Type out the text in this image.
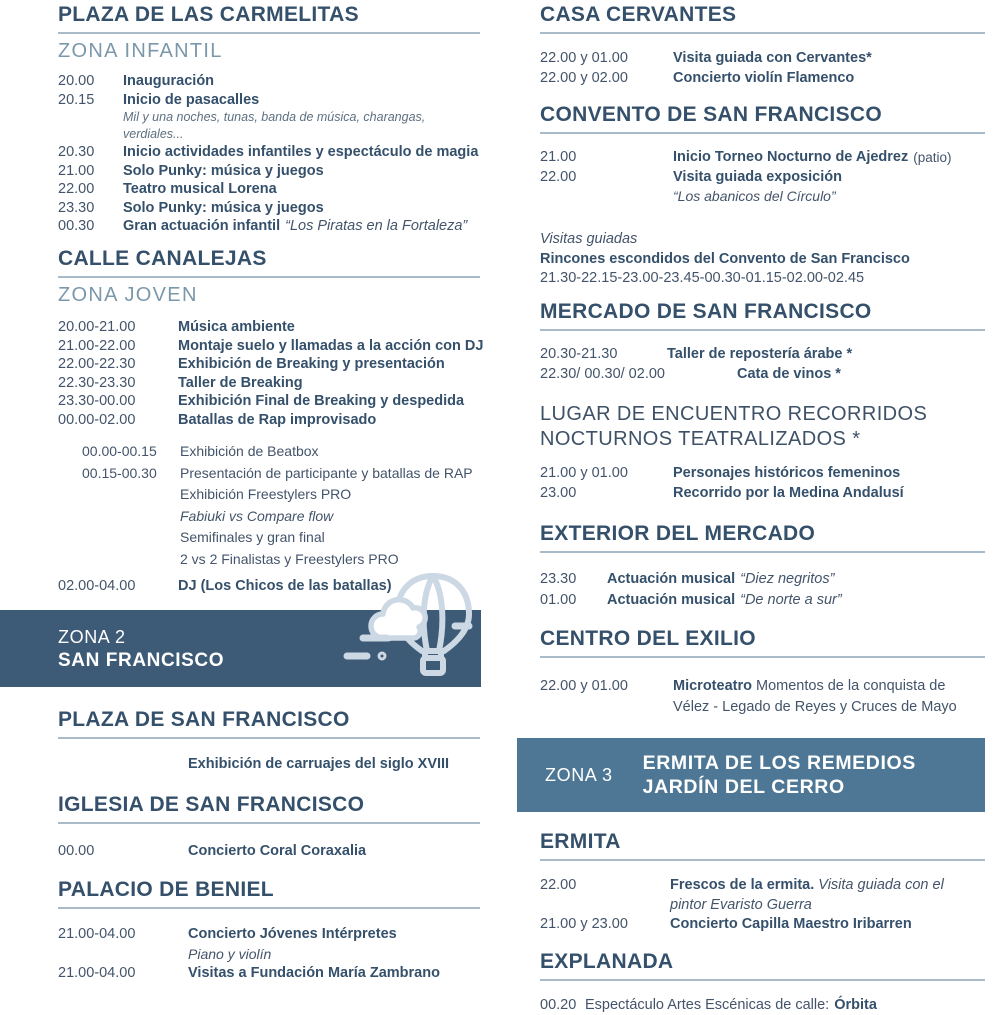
PLAZA DE LAS CARMELITAS
ZONA INFANTIL
20.00	Inauguración
20.15	Inicio de pasacalles
Mil y una noches, tunas, banda de música, charangas, verdiales...
20.30	Inicio actividades infantiles y espectáculo de magia
21.00	Solo Punky: música y juegos
22.00	Teatro musical Lorena
23.30	Solo Punky: música y juegos
00.30	Gran actuación infantil “Los Piratas en la Fortaleza”
CALLE CANALEJAS
ZONA JOVEN
20.00-21.00	Música ambiente
21.00-22.00	Montaje suelo y llamadas a la acción con DJ
22.00-22.30	Exhibición de Breaking y presentación
22.30-23.30	Taller de Breaking
23.30-00.00	Exhibición Final de Breaking y despedida
00.00-02.00	Batallas de Rap improvisado
00.00-00.15	Exhibición de Beatbox
00.15-00.30	Presentación de participante y batallas de RAP
Exhibición Freestylers PRO
Fabiuki vs Compare flow
Semifinales y gran final
2 vs 2 Finalistas y Freestylers PRO
02.00-04.00	DJ (Los Chicos de las batallas)
ZONA 2
SAN FRANCISCO
PLAZA DE SAN FRANCISCO
Exhibición de carruajes del siglo XVIII
IGLESIA DE SAN FRANCISCO
00.00	Concierto Coral Coraxalia
PALACIO DE BENIEL
21.00-04.00	Concierto Jóvenes Intérpretes
Piano y violín
21.00-04.00	Visitas a Fundación María Zambrano
CASA CERVANTES
22.00 y 01.00	Visita guiada con Cervantes*
22.00 y 02.00	Concierto violín Flamenco
CONVENTO DE SAN FRANCISCO
21.00	Inicio Torneo Nocturno de Ajedrez (patio)
22.00	Visita guiada exposición
“Los abanicos del Círculo”
Visitas guiadas
Rincones escondidos del Convento de San Francisco
21.30-22.15-23.00-23.45-00.30-01.15-02.00-02.45
MERCADO DE SAN FRANCISCO
20.30-21.30	Taller de repostería árabe *
22.30/ 00.30/ 02.00	Cata de vinos *
LUGAR DE ENCUENTRO RECORRIDOS
NOCTURNOS TEATRALIZADOS *
21.00 y 01.00	Personajes históricos femeninos
23.00	Recorrido por la Medina Andalusí
EXTERIOR DEL MERCADO
23.30	Actuación musical “Diez negritos”
01.00	Actuación musical “De norte a sur”
CENTRO DEL EXILIO
22.00 y 01.00	Microteatro Momentos de la conquista de Vélez - Legado de Reyes y Cruces de Mayo
ZONA 3
ERMITA DE LOS REMEDIOS
JARDÍN DEL CERRO
ERMITA
22.00	Frescos de la ermita. Visita guiada con el pintor Evaristo Guerra
21.00 y 23.00	Concierto Capilla Maestro Iribarren
EXPLANADA
00.20 Espectáculo Artes Escénicas de calle: Órbita
